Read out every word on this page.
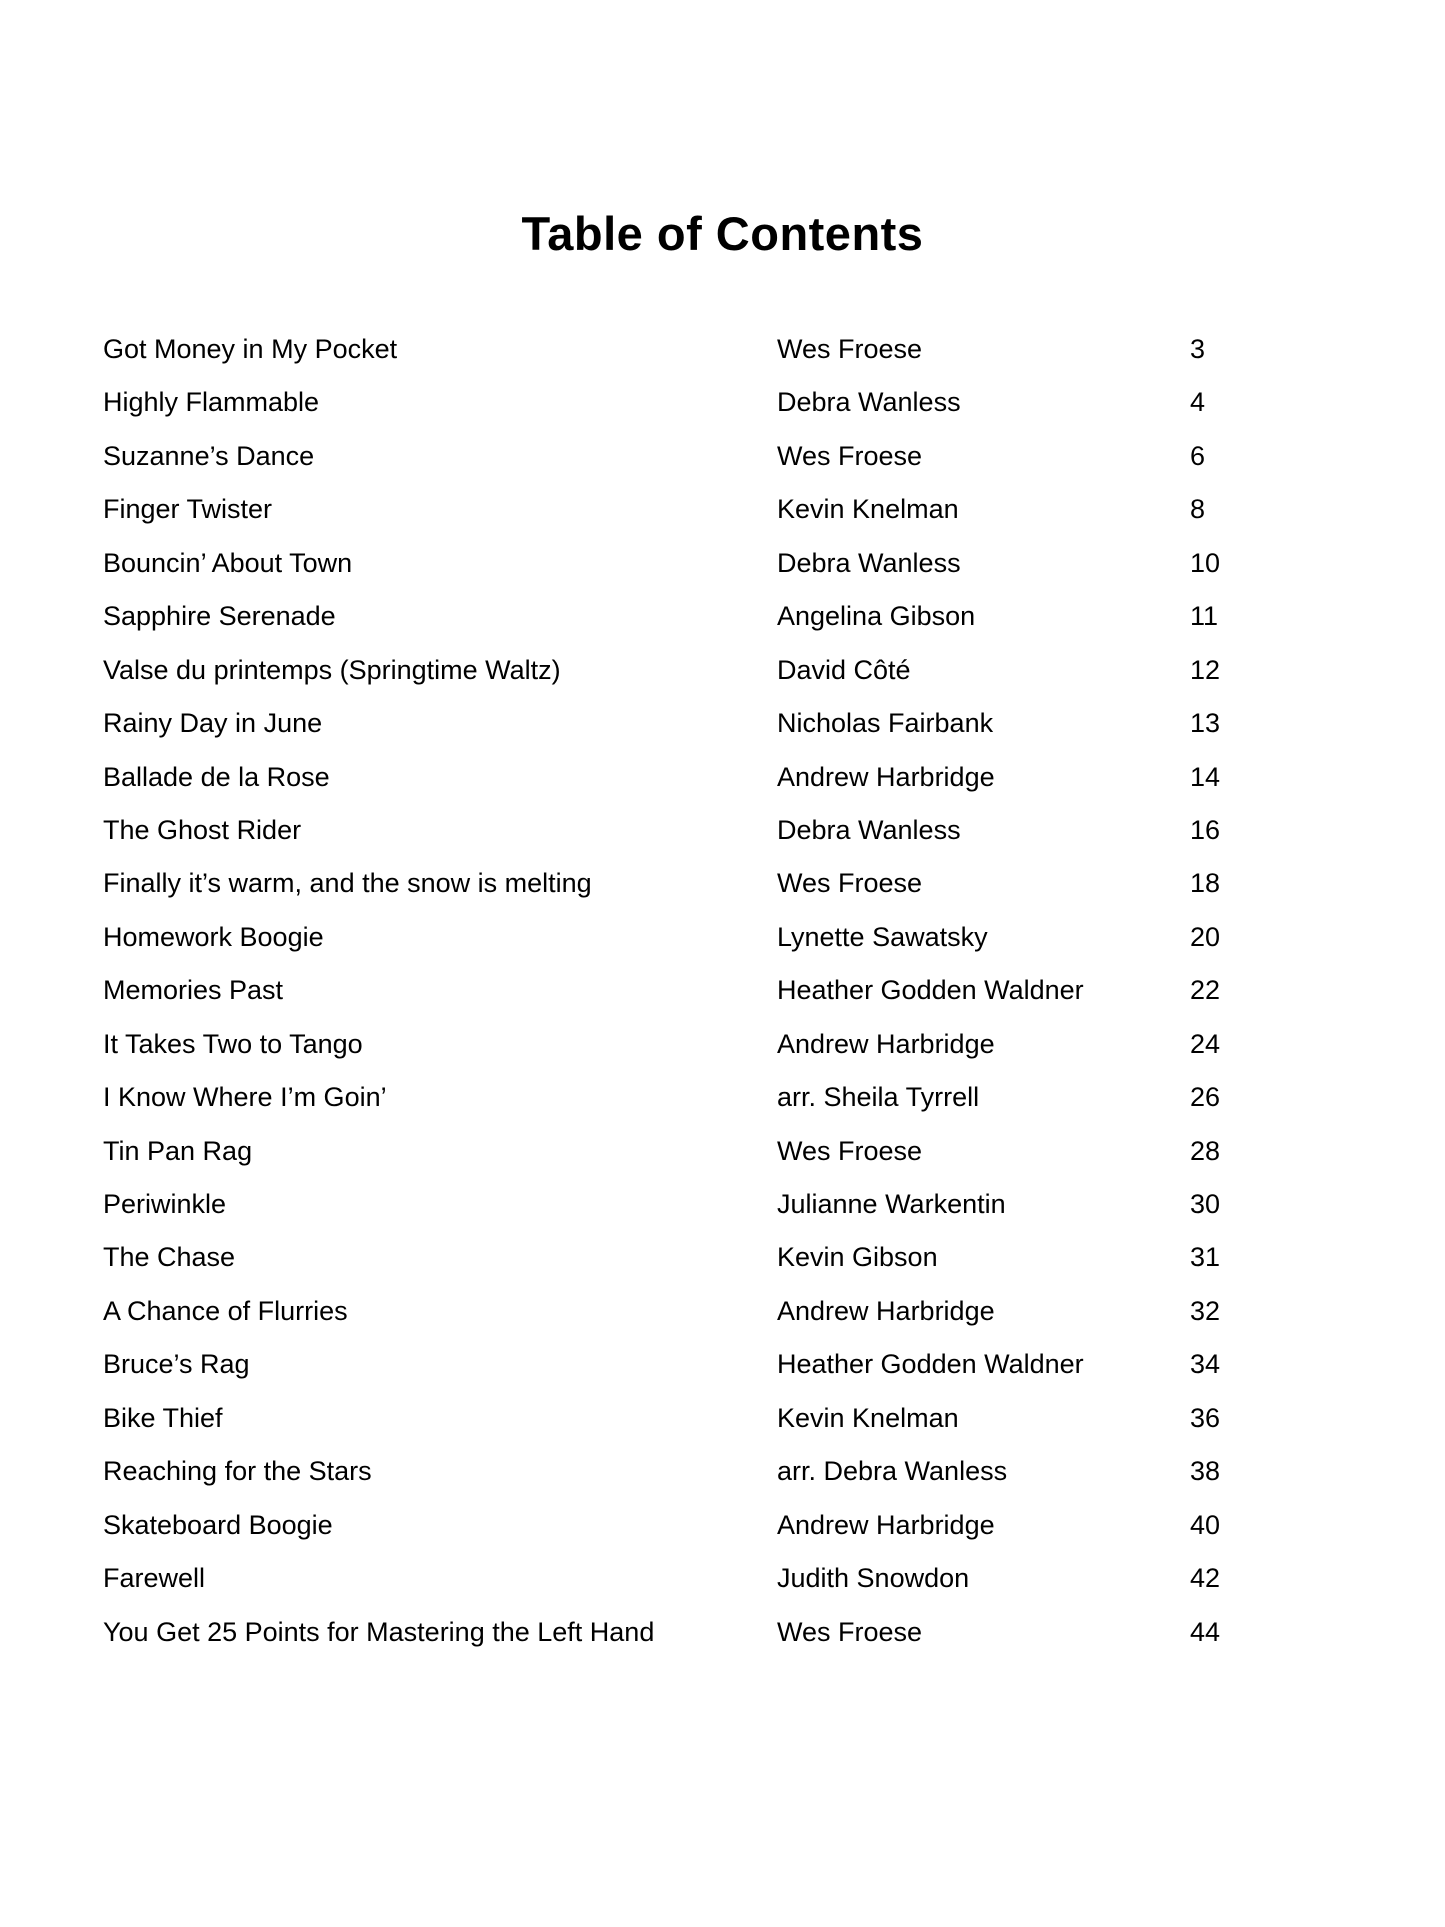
Table of Contents
Got Money in My Pocket	Wes Froese	3
Highly Flammable	Debra Wanless	4
Suzanne’s Dance	Wes Froese	6
Finger Twister	Kevin Knelman	8
Bouncin’ About Town	Debra Wanless	10
Sapphire Serenade	Angelina Gibson	11
Valse du printemps (Springtime Waltz)	David Côté	12
Rainy Day in June	Nicholas Fairbank	13
Ballade de la Rose	Andrew Harbridge	14
The Ghost Rider	Debra Wanless	16
Finally it’s warm, and the snow is melting	Wes Froese	18
Homework Boogie	Lynette Sawatsky	20
Memories Past	Heather Godden Waldner	22
It Takes Two to Tango	Andrew Harbridge	24
I Know Where I’m Goin’	arr. Sheila Tyrrell	26
Tin Pan Rag	Wes Froese	28
Periwinkle	Julianne Warkentin	30
The Chase	Kevin Gibson	31
A Chance of Flurries	Andrew Harbridge	32
Bruce’s Rag	Heather Godden Waldner	34
Bike Thief	Kevin Knelman	36
Reaching for the Stars	arr. Debra Wanless	38
Skateboard Boogie	Andrew Harbridge	40
Farewell	Judith Snowdon	42
You Get 25 Points for Mastering the Left Hand	Wes Froese	44
